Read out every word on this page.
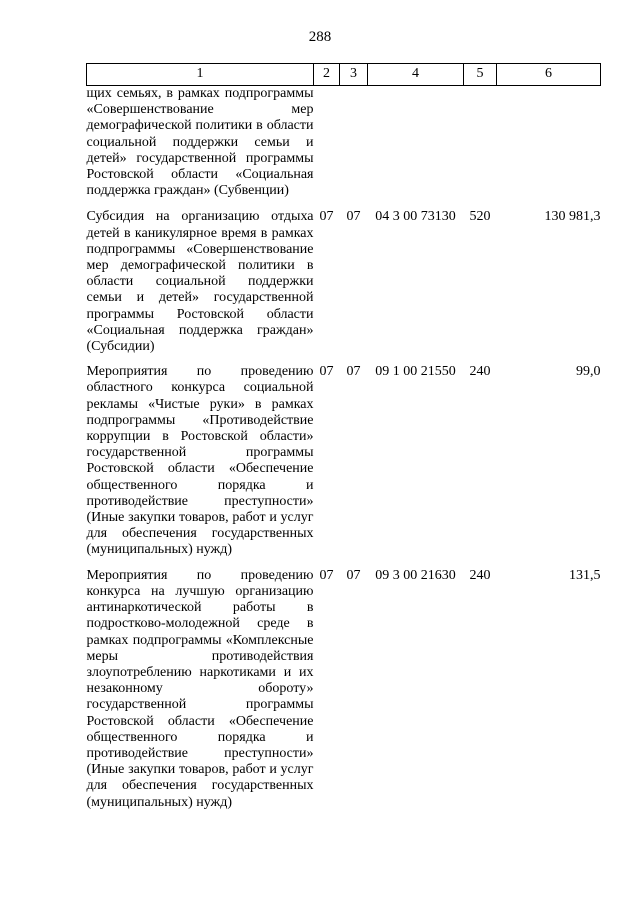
288
1	2	3	4	5	6
щих семьях, в рамках подпрограммы «Совершенствование мер демографической политики в области социальной поддержки семьи и детей» государственной программы Ростовской области «Социальная поддержка граждан» (Субвенции)					
Субсидия на организацию отдыха детей в каникулярное время в рамках подпрограммы «Совершенствование мер демографической политики в области социальной поддержки семьи и детей» государственной программы Ростовской области «Социальная поддержка граждан» (Субсидии)	07	07	04 3 00 73130	520	130 981,3
Мероприятия по проведению областного конкурса социальной рекламы «Чистые руки» в рамках подпрограммы «Противодействие коррупции в Ростовской области» государственной программы Ростовской области «Обеспечение общественного порядка и противодействие преступности» (Иные закупки товаров, работ и услуг для обеспечения государственных (муниципальных) нужд)	07	07	09 1 00 21550	240	99,0
Мероприятия по проведению конкурса на лучшую организацию антинаркотической работы в подростково-молодежной среде в рамках подпрограммы «Комплексные меры противодействия злоупотреблению наркотиками и их незаконному обороту» государственной программы Ростовской области «Обеспечение общественного порядка и противодействие преступности» (Иные закупки товаров, работ и услуг для обеспечения государственных (муниципальных) нужд)	07	07	09 3 00 21630	240	131,5
